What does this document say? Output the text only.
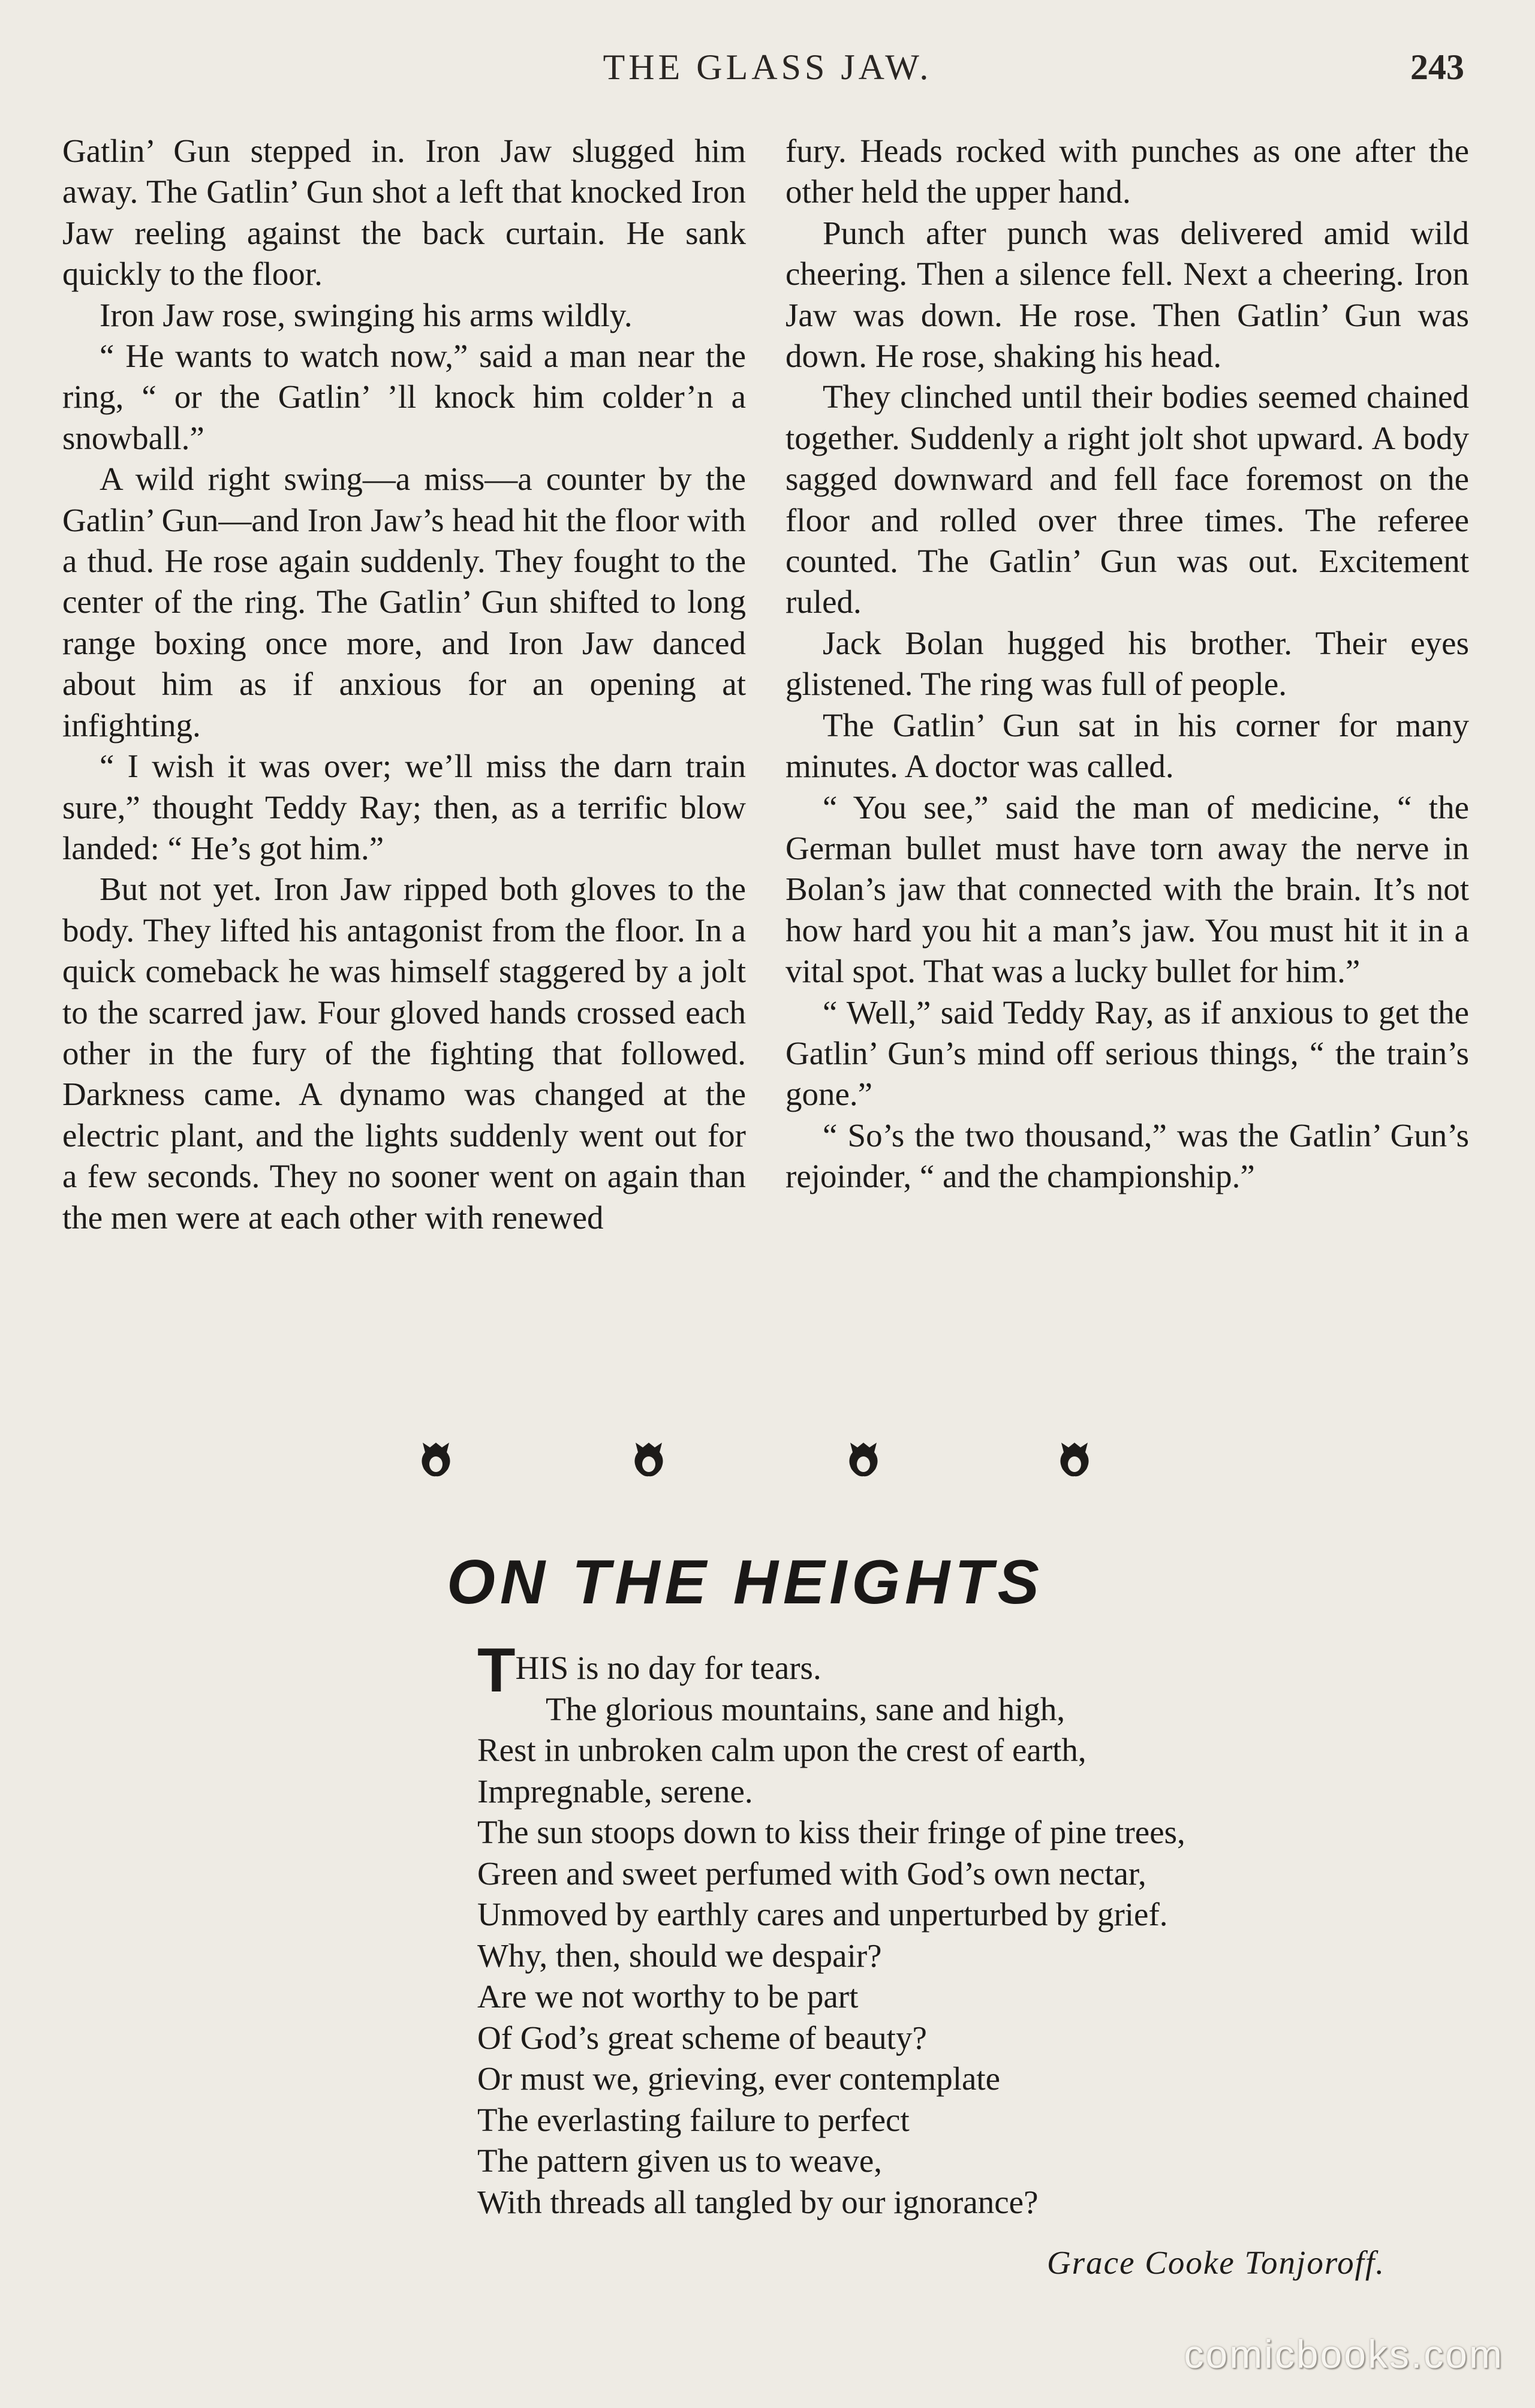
THE GLASS JAW.	243

Gatlin’ Gun stepped in. Iron Jaw slugged him away. The Gatlin’ Gun shot a left that knocked Iron Jaw reeling against the back curtain. He sank quickly to the floor.

Iron Jaw rose, swinging his arms wildly.

“ He wants to watch now,” said a man near the ring, “ or the Gatlin’ ’ll knock him colder’n a snowball.”

A wild right swing—a miss—a counter by the Gatlin’ Gun—and Iron Jaw’s head hit the floor with a thud. He rose again suddenly. They fought to the center of the ring. The Gatlin’ Gun shifted to long range boxing once more, and Iron Jaw danced about him as if anxious for an opening at infighting.

“ I wish it was over; we’ll miss the darn train sure,” thought Teddy Ray; then, as a terrific blow landed: “ He’s got him.”

But not yet. Iron Jaw ripped both gloves to the body. They lifted his antagonist from the floor. In a quick comeback he was himself staggered by a jolt to the scarred jaw. Four gloved hands crossed each other in the fury of the fighting that followed. Darkness came. A dynamo was changed at the electric plant, and the lights suddenly went out for a few seconds. They no sooner went on again than the men were at each other with renewed

fury. Heads rocked with punches as one after the other held the upper hand.

Punch after punch was delivered amid wild cheering. Then a silence fell. Next a cheering. Iron Jaw was down. He rose. Then Gatlin’ Gun was down. He rose, shaking his head.

They clinched until their bodies seemed chained together. Suddenly a right jolt shot upward. A body sagged downward and fell face foremost on the floor and rolled over three times. The referee counted. The Gatlin’ Gun was out. Excitement ruled.

Jack Bolan hugged his brother. Their eyes glistened. The ring was full of people.

The Gatlin’ Gun sat in his corner for many minutes. A doctor was called.

“ You see,” said the man of medicine, “ the German bullet must have torn away the nerve in Bolan’s jaw that connected with the brain. It’s not how hard you hit a man’s jaw. You must hit it in a vital spot. That was a lucky bullet for him.”

“ Well,” said Teddy Ray, as if anxious to get the Gatlin’ Gun’s mind off serious things, “ the train’s gone.”

“ So’s the two thousand,” was the Gatlin’ Gun’s rejoinder, “ and the championship.”

ON THE HEIGHTS
THIS is no day for tears.
The glorious mountains, sane and high,
Rest in unbroken calm upon the crest of earth,
Impregnable, serene.
The sun stoops down to kiss their fringe of pine trees,
Green and sweet perfumed with God’s own nectar,
Unmoved by earthly cares and unperturbed by grief.
Why, then, should we despair?
Are we not worthy to be part
Of God’s great scheme of beauty?
Or must we, grieving, ever contemplate
The everlasting failure to perfect
The pattern given us to weave,
With threads all tangled by our ignorance?
Grace Cooke Tonjoroff.
comicbooks.com
